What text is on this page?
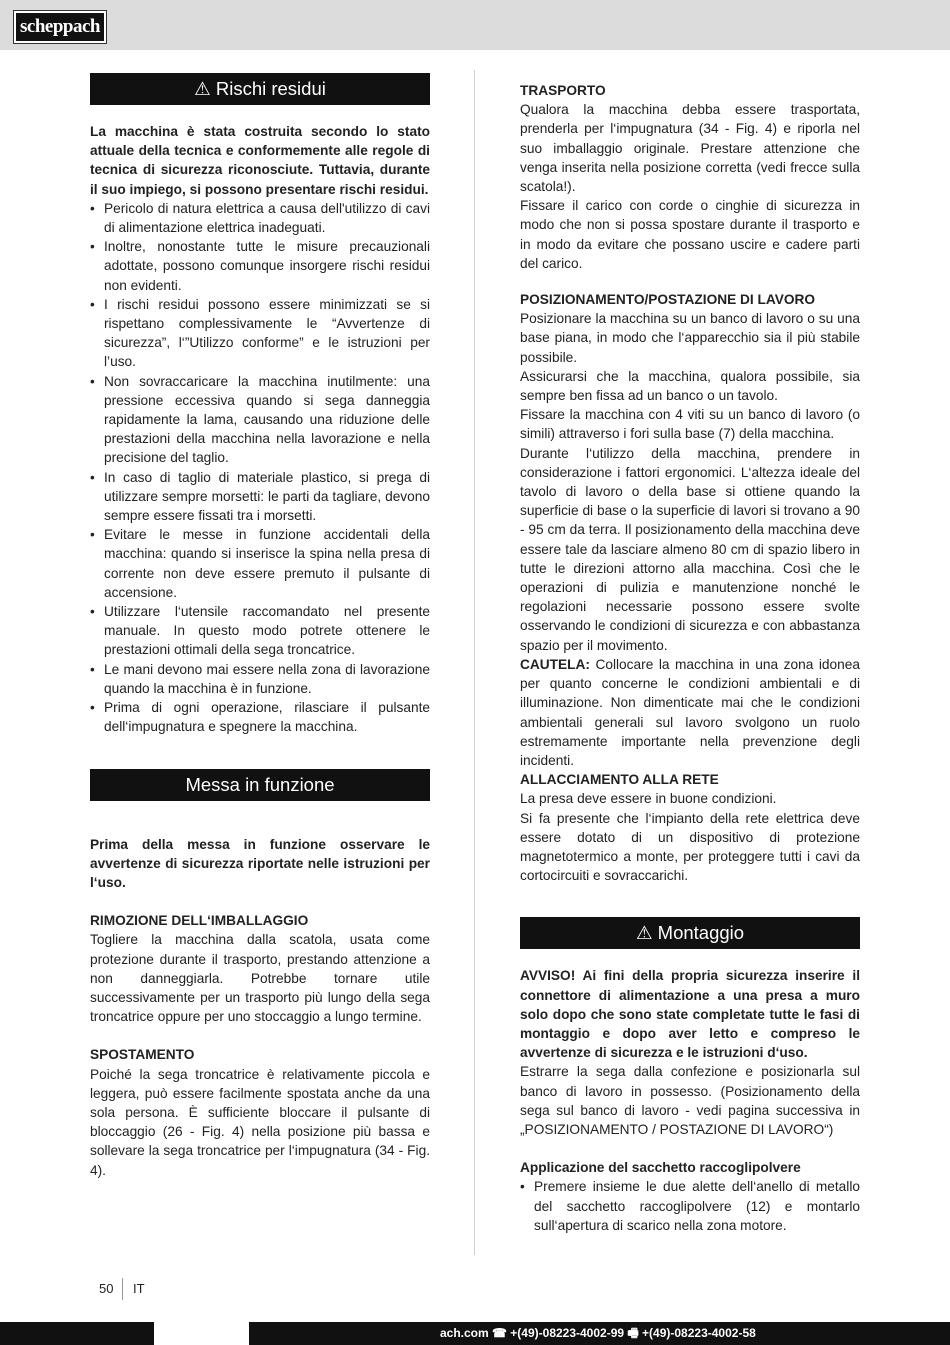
scheppach
⚠ Rischi residui

La macchina è stata costruita secondo lo stato attuale della tecnica e conformemente alle regole di tecnica di sicurezza riconosciute. Tuttavia, durante il suo impiego, si possono presentare rischi residui.

• Pericolo di natura elettrica a causa dell'utilizzo di cavi di alimentazione elettrica inadeguati.
• Inoltre, nonostante tutte le misure precauzionali adottate, possono comunque insorgere rischi residui non evidenti.
• I rischi residui possono essere minimizzati se si rispettano complessivamente le “Avvertenze di sicurezza”, l‘”Utilizzo conforme” e le istruzioni per l’uso.
• Non sovraccaricare la macchina inutilmente: una pressione eccessiva quando si sega danneggia rapidamente la lama, causando una riduzione delle prestazioni della macchina nella lavorazione e nella precisione del taglio.
• In caso di taglio di materiale plastico, si prega di utilizzare sempre morsetti: le parti da tagliare, devono sempre essere fissati tra i morsetti.
• Evitare le messe in funzione accidentali della macchina: quando si inserisce la spina nella presa di corrente non deve essere premuto il pulsante di accensione.
• Utilizzare l‘utensile raccomandato nel presente manuale. In questo modo potrete ottenere le prestazioni ottimali della sega troncatrice.
• Le mani devono mai essere nella zona di lavorazione quando la macchina è in funzione.
• Prima di ogni operazione, rilasciare il pulsante dell‘impugnatura e spegnere la macchina.
Messa in funzione

Prima della messa in funzione osservare le avvertenze di sicurezza riportate nelle istruzioni per l‘uso.

RIMOZIONE DELL‘IMBALLAGGIO

Togliere la macchina dalla scatola, usata come protezione durante il trasporto, prestando attenzione a non danneggiarla. Potrebbe tornare utile successivamente per un trasporto più lungo della sega troncatrice oppure per uno stoccaggio a lungo termine.

SPOSTAMENTO

Poiché la sega troncatrice è relativamente piccola e leggera, può essere facilmente spostata anche da una sola persona. È sufficiente bloccare il pulsante di bloccaggio (26 - Fig. 4) nella posizione più bassa e sollevare la sega troncatrice per l‘impugnatura (34 - Fig. 4).

TRASPORTO

Qualora la macchina debba essere trasportata, prenderla per l‘impugnatura (34 - Fig. 4) e riporla nel suo imballaggio originale. Prestare attenzione che venga inserita nella posizione corretta (vedi frecce sulla scatola!).

Fissare il carico con corde o cinghie di sicurezza in modo che non si possa spostare durante il trasporto e in modo da evitare che possano uscire e cadere parti del carico.

POSIZIONAMENTO/POSTAZIONE DI LAVORO

Posizionare la macchina su un banco di lavoro o su una base piana, in modo che l‘apparecchio sia il più stabile possibile.

Assicurarsi che la macchina, qualora possibile, sia sempre ben fissa ad un banco o un tavolo.

Fissare la macchina con 4 viti su un banco di lavoro (o simili) attraverso i fori sulla base (7) della macchina.

Durante l‘utilizzo della macchina, prendere in considerazione i fattori ergonomici. L‘altezza ideale del tavolo di lavoro o della base si ottiene quando la superficie di base o la superficie di lavori si trovano a 90 - 95 cm da terra. Il posizionamento della macchina deve essere tale da lasciare almeno 80 cm di spazio libero in tutte le direzioni attorno alla macchina. Così che le operazioni di pulizia e manutenzione nonché le regolazioni necessarie possono essere svolte osservando le condizioni di sicurezza e con abbastanza spazio per il movimento.

CAUTELA: Collocare la macchina in una zona idonea per quanto concerne le condizioni ambientali e di illuminazione. Non dimenticate mai che le condizioni ambientali generali sul lavoro svolgono un ruolo estremamente importante nella prevenzione degli incidenti.

ALLACCIAMENTO ALLA RETE

La presa deve essere in buone condizioni.

Si fa presente che l‘impianto della rete elettrica deve essere dotato di un dispositivo di protezione magnetotermico a monte, per proteggere tutti i cavi da cortocircuiti e sovraccarichi.

⚠ Montaggio

AVVISO! Ai fini della propria sicurezza inserire il connettore di alimentazione a una presa a muro solo dopo che sono state completate tutte le fasi di montaggio e dopo aver letto e compreso le avvertenze di sicurezza e le istruzioni d‘uso.

Estrarre la sega dalla confezione e posizionarla sul banco di lavoro in possesso. (Posizionamento della sega sul banco di lavoro - vedi pagina successiva in „POSIZIONAMENTO / POSTAZIONE DI LAVORO“)

Applicazione del sacchetto raccoglipolvere

• Premere insieme le due alette dell‘anello di metallo del sacchetto raccoglipolvere (12) e montarlo sull‘apertura di scarico nella zona motore.
50 IT
ach.com ☎ +(49)-08223-4002-99 🖷 +(49)-08223-4002-58
